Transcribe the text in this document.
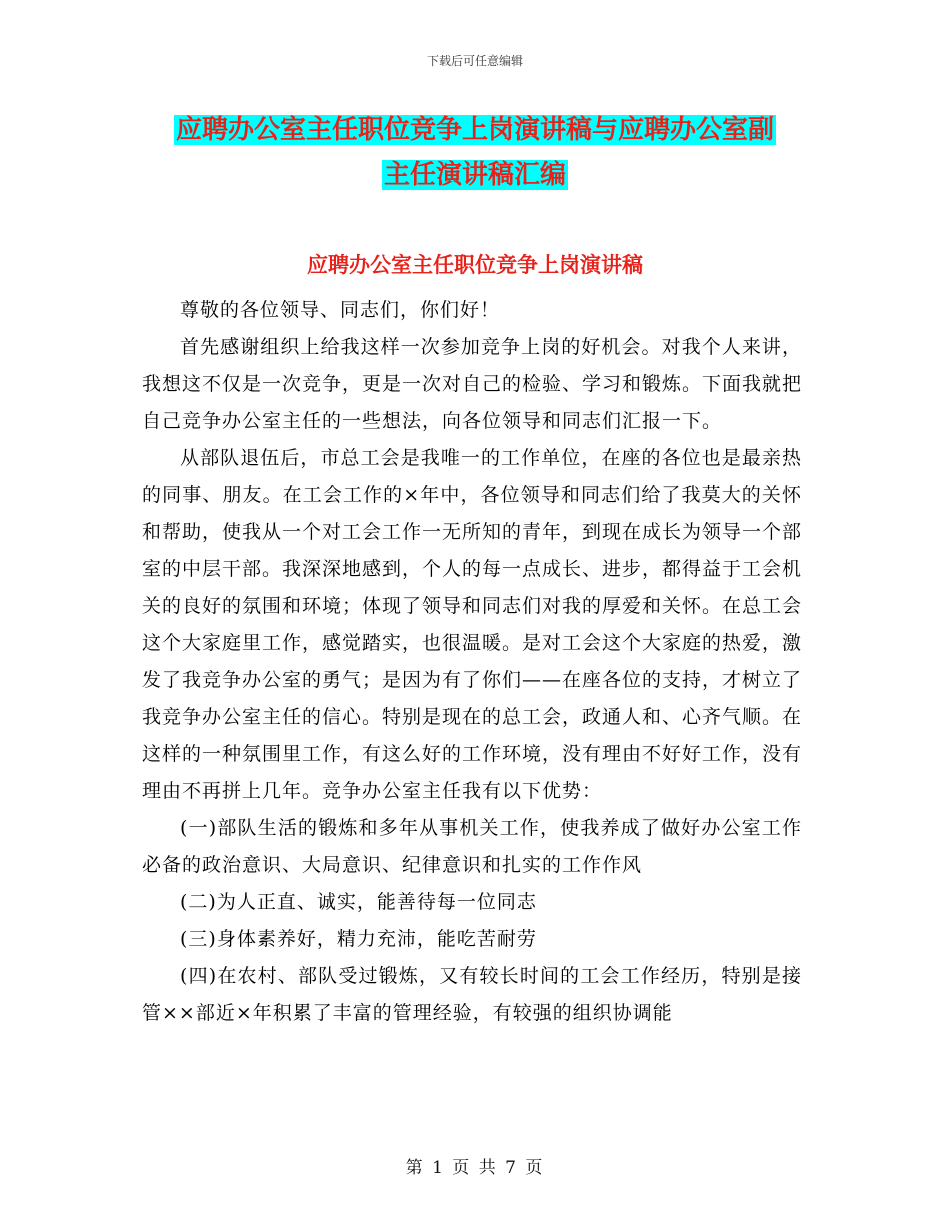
下载后可任意编辑
应聘办公室主任职位竞争上岗演讲稿与应聘办公室副
主任演讲稿汇编
应聘办公室主任职位竞争上岗演讲稿

尊敬的各位领导、同志们，你们好！

首先感谢组织上给我这样一次参加竞争上岗的好机会。对我个人来讲，我想这不仅是一次竞争，更是一次对自己的检验、学习和锻炼。下面我就把自己竞争办公室主任的一些想法，向各位领导和同志们汇报一下。

从部队退伍后，市总工会是我唯一的工作单位，在座的各位也是最亲热的同事、朋友。在工会工作的×年中，各位领导和同志们给了我莫大的关怀和帮助，使我从一个对工会工作一无所知的青年，到现在成长为领导一个部室的中层干部。我深深地感到，个人的每一点成长、进步，都得益于工会机关的良好的氛围和环境；体现了领导和同志们对我的厚爱和关怀。在总工会这个大家庭里工作，感觉踏实，也很温暖。是对工会这个大家庭的热爱，激发了我竞争办公室的勇气；是因为有了你们——在座各位的支持，才树立了我竞争办公室主任的信心。特别是现在的总工会，政通人和、心齐气顺。在这样的一种氛围里工作，有这么好的工作环境，没有理由不好好工作，没有理由不再拼上几年。竞争办公室主任我有以下优势：

(一)部队生活的锻炼和多年从事机关工作，使我养成了做好办公室工作必备的政治意识、大局意识、纪律意识和扎实的工作作风

(二)为人正直、诚实，能善待每一位同志

(三)身体素养好，精力充沛，能吃苦耐劳

(四)在农村、部队受过锻炼，又有较长时间的工会工作经历，特别是接管××部近×年积累了丰富的管理经验，有较强的组织协调能

第 1 页 共 7 页
